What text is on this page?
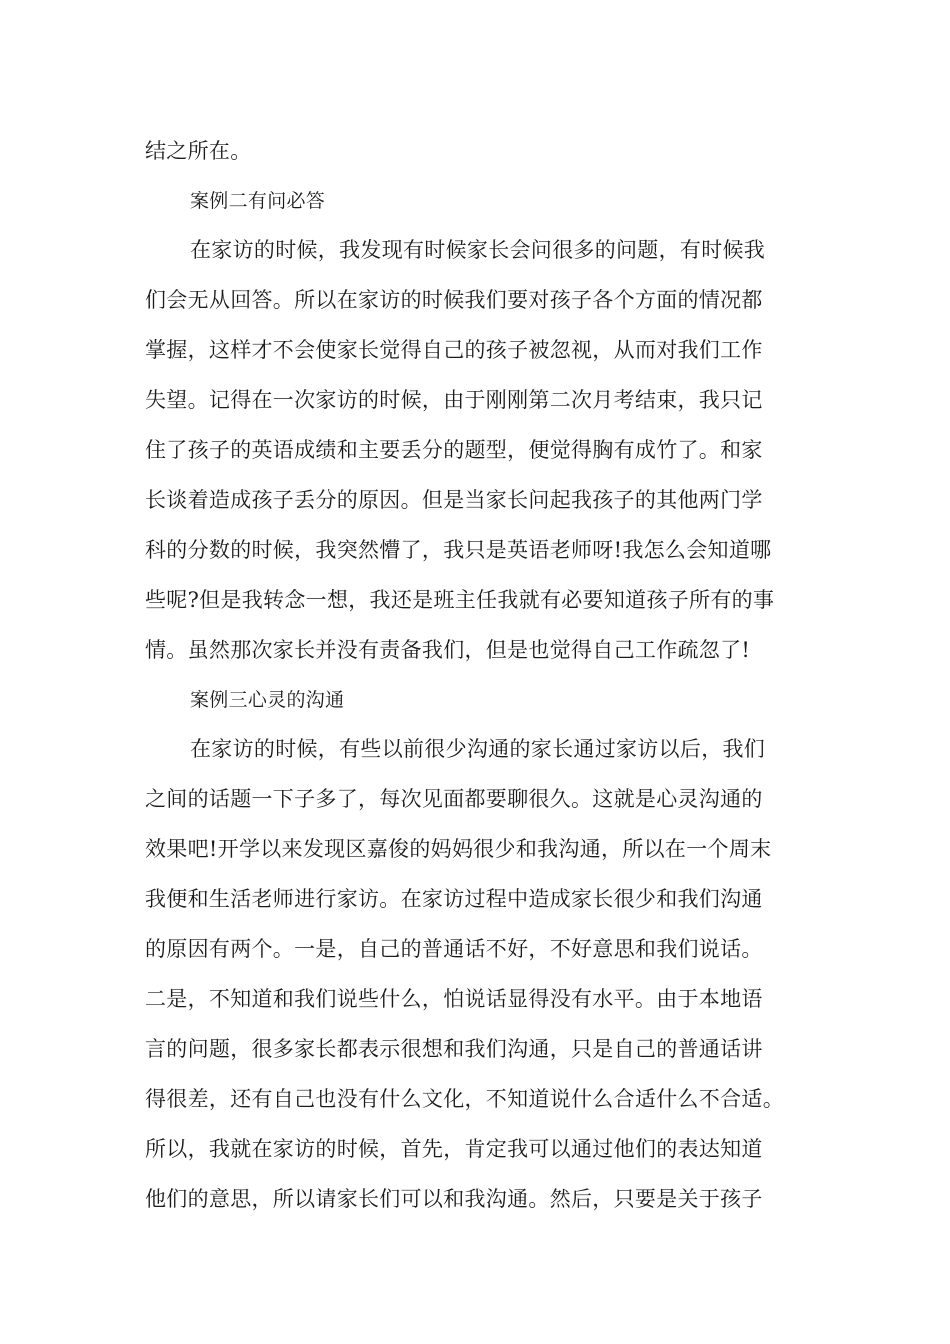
结之所在。
案例二有问必答
在家访的时候，我发现有时候家长会问很多的问题，有时候我
们会无从回答。所以在家访的时候我们要对孩子各个方面的情况都
掌握，这样才不会使家长觉得自己的孩子被忽视，从而对我们工作
失望。记得在一次家访的时候，由于刚刚第二次月考结束，我只记
住了孩子的英语成绩和主要丢分的题型，便觉得胸有成竹了。和家
长谈着造成孩子丢分的原因。但是当家长问起我孩子的其他两门学
科的分数的时候，我突然懵了，我只是英语老师呀!我怎么会知道哪
些呢?但是我转念一想，我还是班主任我就有必要知道孩子所有的事
情。虽然那次家长并没有责备我们，但是也觉得自己工作疏忽了!
案例三心灵的沟通
在家访的时候，有些以前很少沟通的家长通过家访以后，我们
之间的话题一下子多了，每次见面都要聊很久。这就是心灵沟通的
效果吧!开学以来发现区嘉俊的妈妈很少和我沟通，所以在一个周末
我便和生活老师进行家访。在家访过程中造成家长很少和我们沟通
的原因有两个。一是，自己的普通话不好，不好意思和我们说话。
二是，不知道和我们说些什么，怕说话显得没有水平。由于本地语
言的问题，很多家长都表示很想和我们沟通，只是自己的普通话讲
得很差，还有自己也没有什么文化，不知道说什么合适什么不合适。
所以，我就在家访的时候，首先，肯定我可以通过他们的表达知道
他们的意思，所以请家长们可以和我沟通。然后，只要是关于孩子
